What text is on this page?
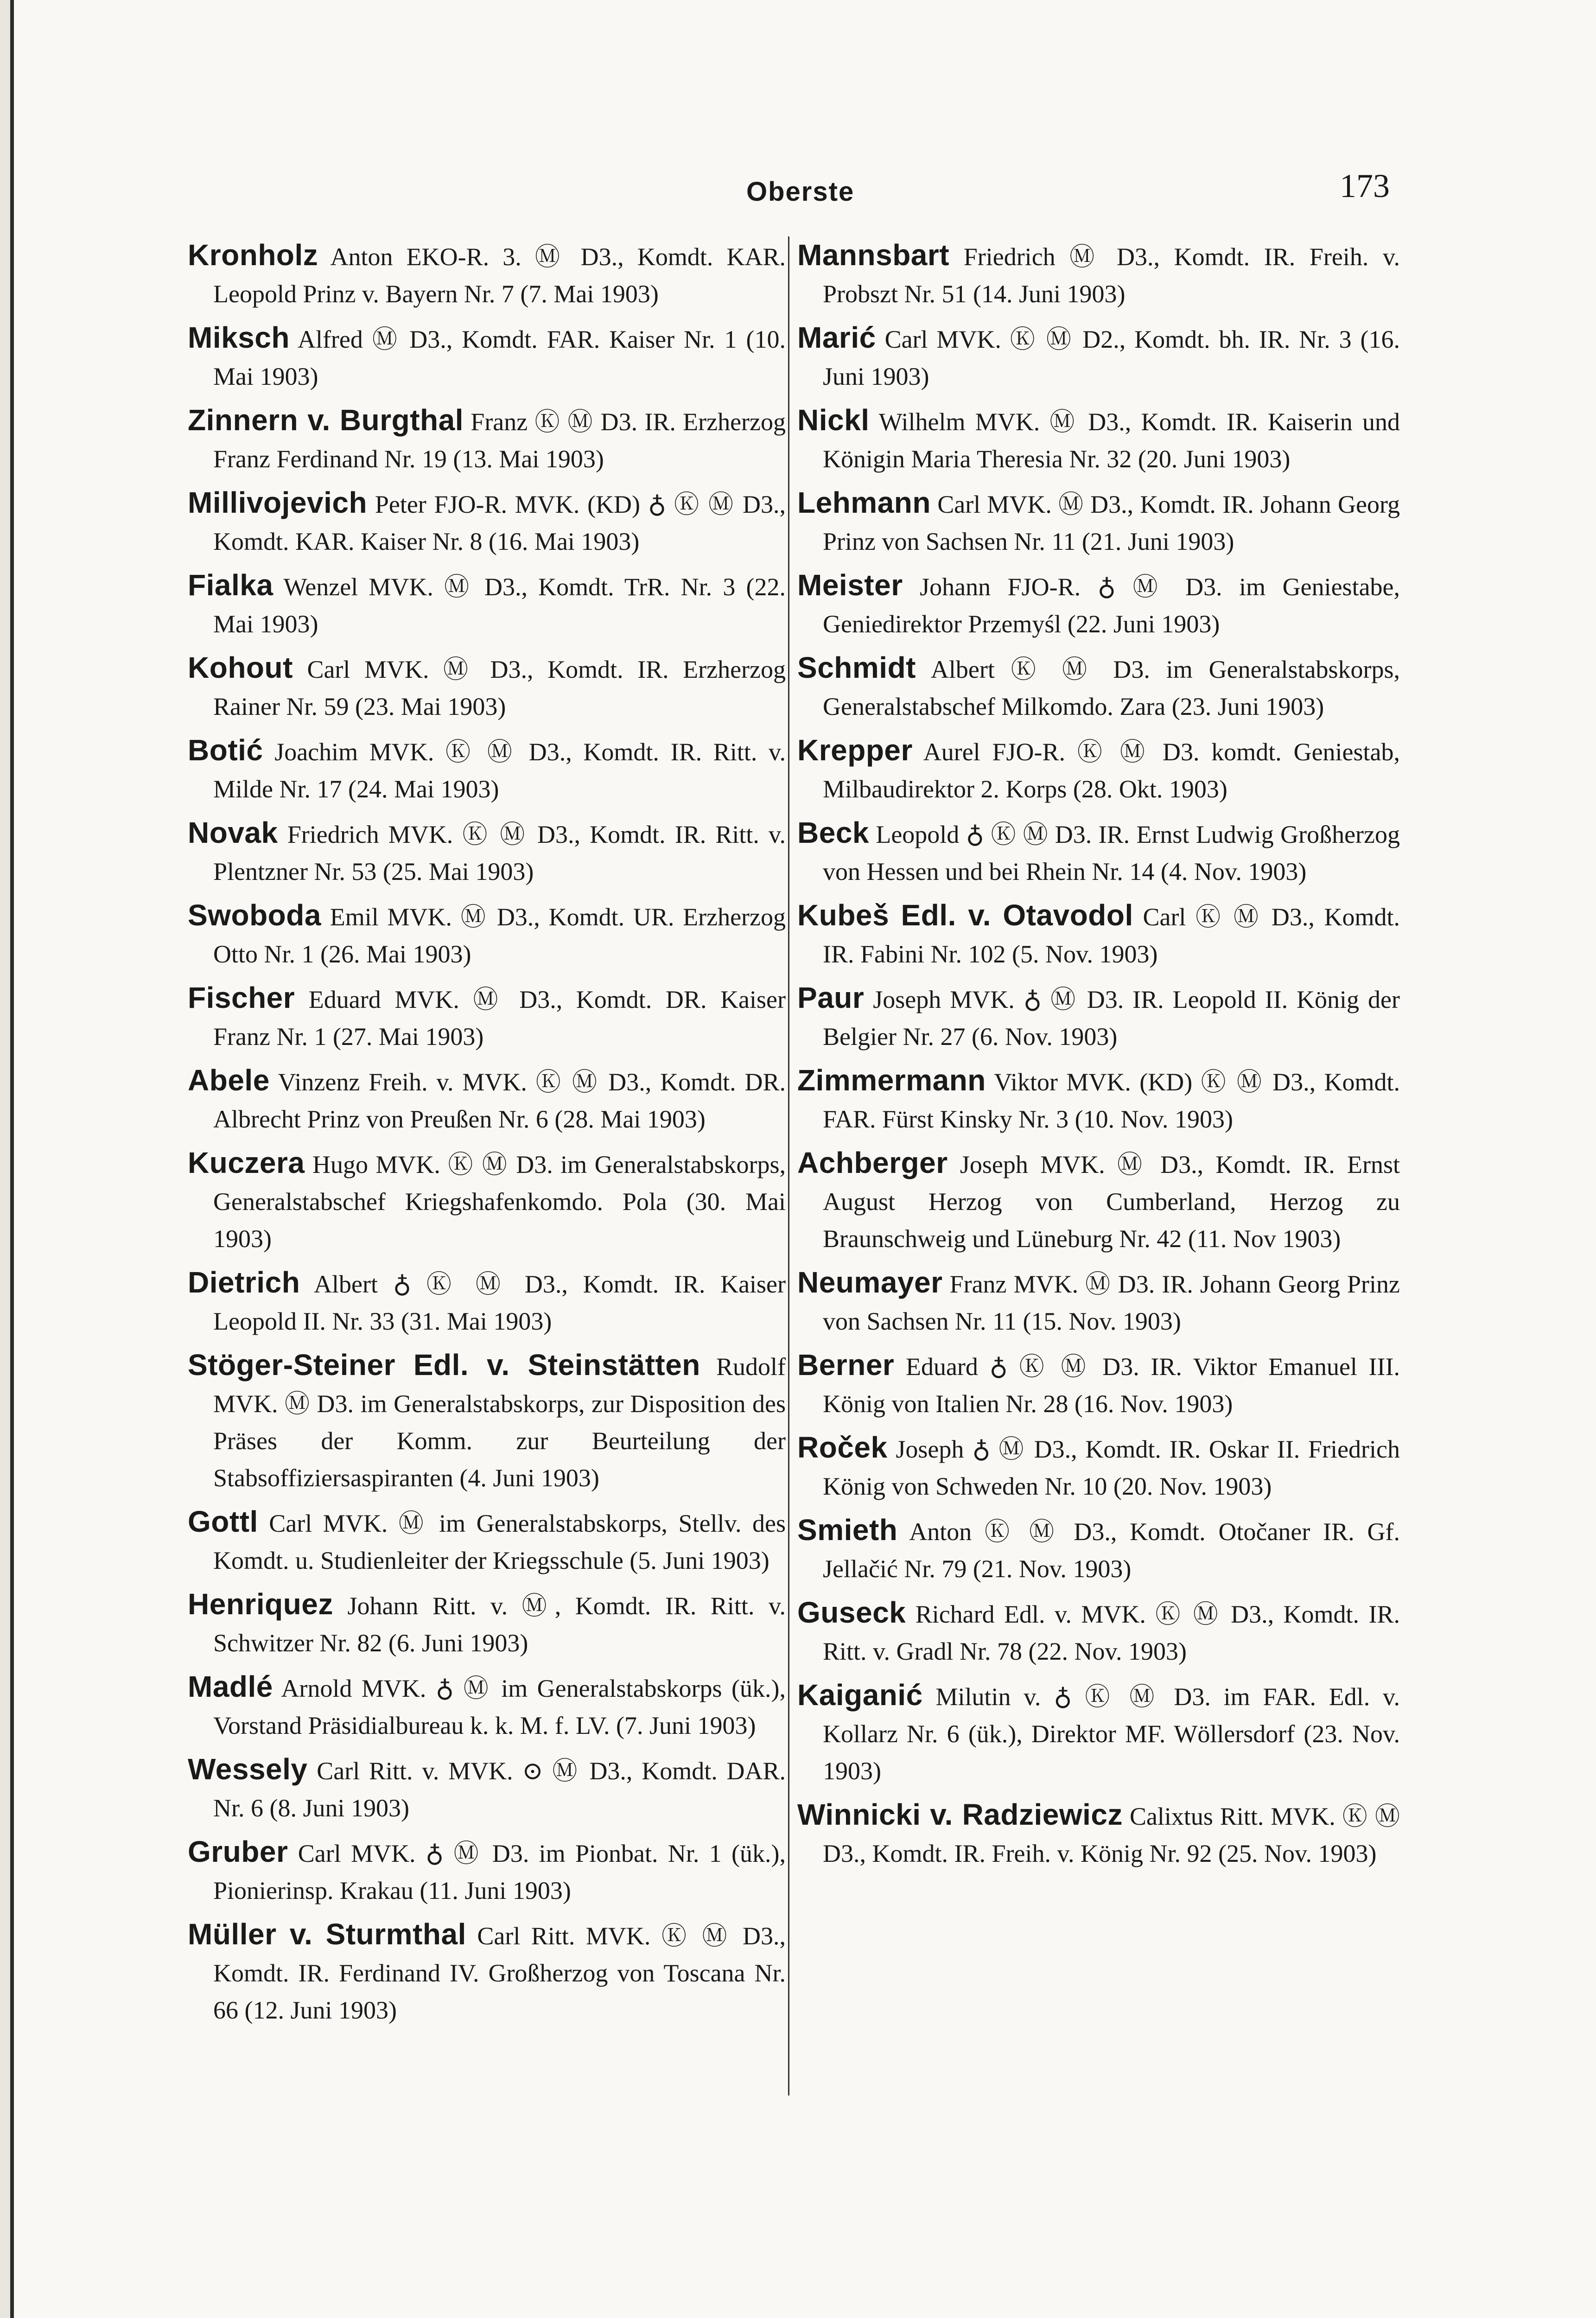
Oberste	173

Kronholz Anton EKO-R. 3. Ⓜ D3., Komdt. KAR. Leopold Prinz v. Bayern Nr. 7 (7. Mai 1903)

Miksch Alfred Ⓜ D3., Komdt. FAR. Kaiser Nr. 1 (10. Mai 1903)

Zinnern v. Burgthal Franz Ⓚ Ⓜ D3. IR. Erzherzog Franz Ferdinand Nr. 19 (13. Mai 1903)

Millivojevich Peter FJO-R. MVK. (KD) ♁ Ⓚ Ⓜ D3., Komdt. KAR. Kaiser Nr. 8 (16. Mai 1903)

Fialka Wenzel MVK. Ⓜ D3., Komdt. TrR. Nr. 3 (22. Mai 1903)

Kohout Carl MVK. Ⓜ D3., Komdt. IR. Erzherzog Rainer Nr. 59 (23. Mai 1903)

Botić Joachim MVK. Ⓚ Ⓜ D3., Komdt. IR. Ritt. v. Milde Nr. 17 (24. Mai 1903)

Novak Friedrich MVK. Ⓚ Ⓜ D3., Komdt. IR. Ritt. v. Plentzner Nr. 53 (25. Mai 1903)

Swoboda Emil MVK. Ⓜ D3., Komdt. UR. Erzherzog Otto Nr. 1 (26. Mai 1903)

Fischer Eduard MVK. Ⓜ D3., Komdt. DR. Kaiser Franz Nr. 1 (27. Mai 1903)

Abele Vinzenz Freih. v. MVK. Ⓚ Ⓜ D3., Komdt. DR. Albrecht Prinz von Preußen Nr. 6 (28. Mai 1903)

Kuczera Hugo MVK. Ⓚ Ⓜ D3. im Generalstabskorps, Generalstabschef Kriegshafenkomdo. Pola (30. Mai 1903)

Dietrich Albert ♁ Ⓚ Ⓜ D3., Komdt. IR. Kaiser Leopold II. Nr. 33 (31. Mai 1903)

Stöger-Steiner Edl. v. Steinstätten Rudolf MVK. Ⓜ D3. im Generalstabskorps, zur Disposition des Präses der Komm. zur Beurteilung der Stabsoffiziersaspiranten (4. Juni 1903)

Gottl Carl MVK. Ⓜ im Generalstabskorps, Stellv. des Komdt. u. Studienleiter der Kriegsschule (5. Juni 1903)

Henriquez Johann Ritt. v. Ⓜ, Komdt. IR. Ritt. v. Schwitzer Nr. 82 (6. Juni 1903)

Madlé Arnold MVK. ♁ Ⓜ im Generalstabskorps (ük.), Vorstand Präsidialbureau k. k. M. f. LV. (7. Juni 1903)

Wessely Carl Ritt. v. MVK. ⊙ Ⓜ D3., Komdt. DAR. Nr. 6 (8. Juni 1903)

Gruber Carl MVK. ♁ Ⓜ D3. im Pionbat. Nr. 1 (ük.), Pionierinsp. Krakau (11. Juni 1903)

Müller v. Sturmthal Carl Ritt. MVK. Ⓚ Ⓜ D3., Komdt. IR. Ferdinand IV. Großherzog von Toscana Nr. 66 (12. Juni 1903)

Mannsbart Friedrich Ⓜ D3., Komdt. IR. Freih. v. Probszt Nr. 51 (14. Juni 1903)

Marić Carl MVK. Ⓚ Ⓜ D2., Komdt. bh. IR. Nr. 3 (16. Juni 1903)

Nickl Wilhelm MVK. Ⓜ D3., Komdt. IR. Kaiserin und Königin Maria Theresia Nr. 32 (20. Juni 1903)

Lehmann Carl MVK. Ⓜ D3., Komdt. IR. Johann Georg Prinz von Sachsen Nr. 11 (21. Juni 1903)

Meister Johann FJO-R. ♁ Ⓜ D3. im Geniestabe, Geniedirektor Przemyśl (22. Juni 1903)

Schmidt Albert Ⓚ Ⓜ D3. im Generalstabskorps, Generalstabschef Milkomdo. Zara (23. Juni 1903)

Krepper Aurel FJO-R. Ⓚ Ⓜ D3. komdt. Geniestab, Milbaudirektor 2. Korps (28. Okt. 1903)

Beck Leopold ♁ Ⓚ Ⓜ D3. IR. Ernst Ludwig Großherzog von Hessen und bei Rhein Nr. 14 (4. Nov. 1903)

Kubeš Edl. v. Otavodol Carl Ⓚ Ⓜ D3., Komdt. IR. Fabini Nr. 102 (5. Nov. 1903)

Paur Joseph MVK. ♁ Ⓜ D3. IR. Leopold II. König der Belgier Nr. 27 (6. Nov. 1903)

Zimmermann Viktor MVK. (KD) Ⓚ Ⓜ D3., Komdt. FAR. Fürst Kinsky Nr. 3 (10. Nov. 1903)

Achberger Joseph MVK. Ⓜ D3., Komdt. IR. Ernst August Herzog von Cumberland, Herzog zu Braunschweig und Lüneburg Nr. 42 (11. Nov 1903)

Neumayer Franz MVK. Ⓜ D3. IR. Johann Georg Prinz von Sachsen Nr. 11 (15. Nov. 1903)

Berner Eduard ♁ Ⓚ Ⓜ D3. IR. Viktor Emanuel III. König von Italien Nr. 28 (16. Nov. 1903)

Roček Joseph ♁ Ⓜ D3., Komdt. IR. Oskar II. Friedrich König von Schweden Nr. 10 (20. Nov. 1903)

Smieth Anton Ⓚ Ⓜ D3., Komdt. Otočaner IR. Gf. Jellačić Nr. 79 (21. Nov. 1903)

Guseck Richard Edl. v. MVK. Ⓚ Ⓜ D3., Komdt. IR. Ritt. v. Gradl Nr. 78 (22. Nov. 1903)

Kaiganić Milutin v. ♁ Ⓚ Ⓜ D3. im FAR. Edl. v. Kollarz Nr. 6 (ük.), Direktor MF. Wöllersdorf (23. Nov. 1903)

Winnicki v. Radziewicz Calixtus Ritt. MVK. Ⓚ Ⓜ D3., Komdt. IR. Freih. v. König Nr. 92 (25. Nov. 1903)
